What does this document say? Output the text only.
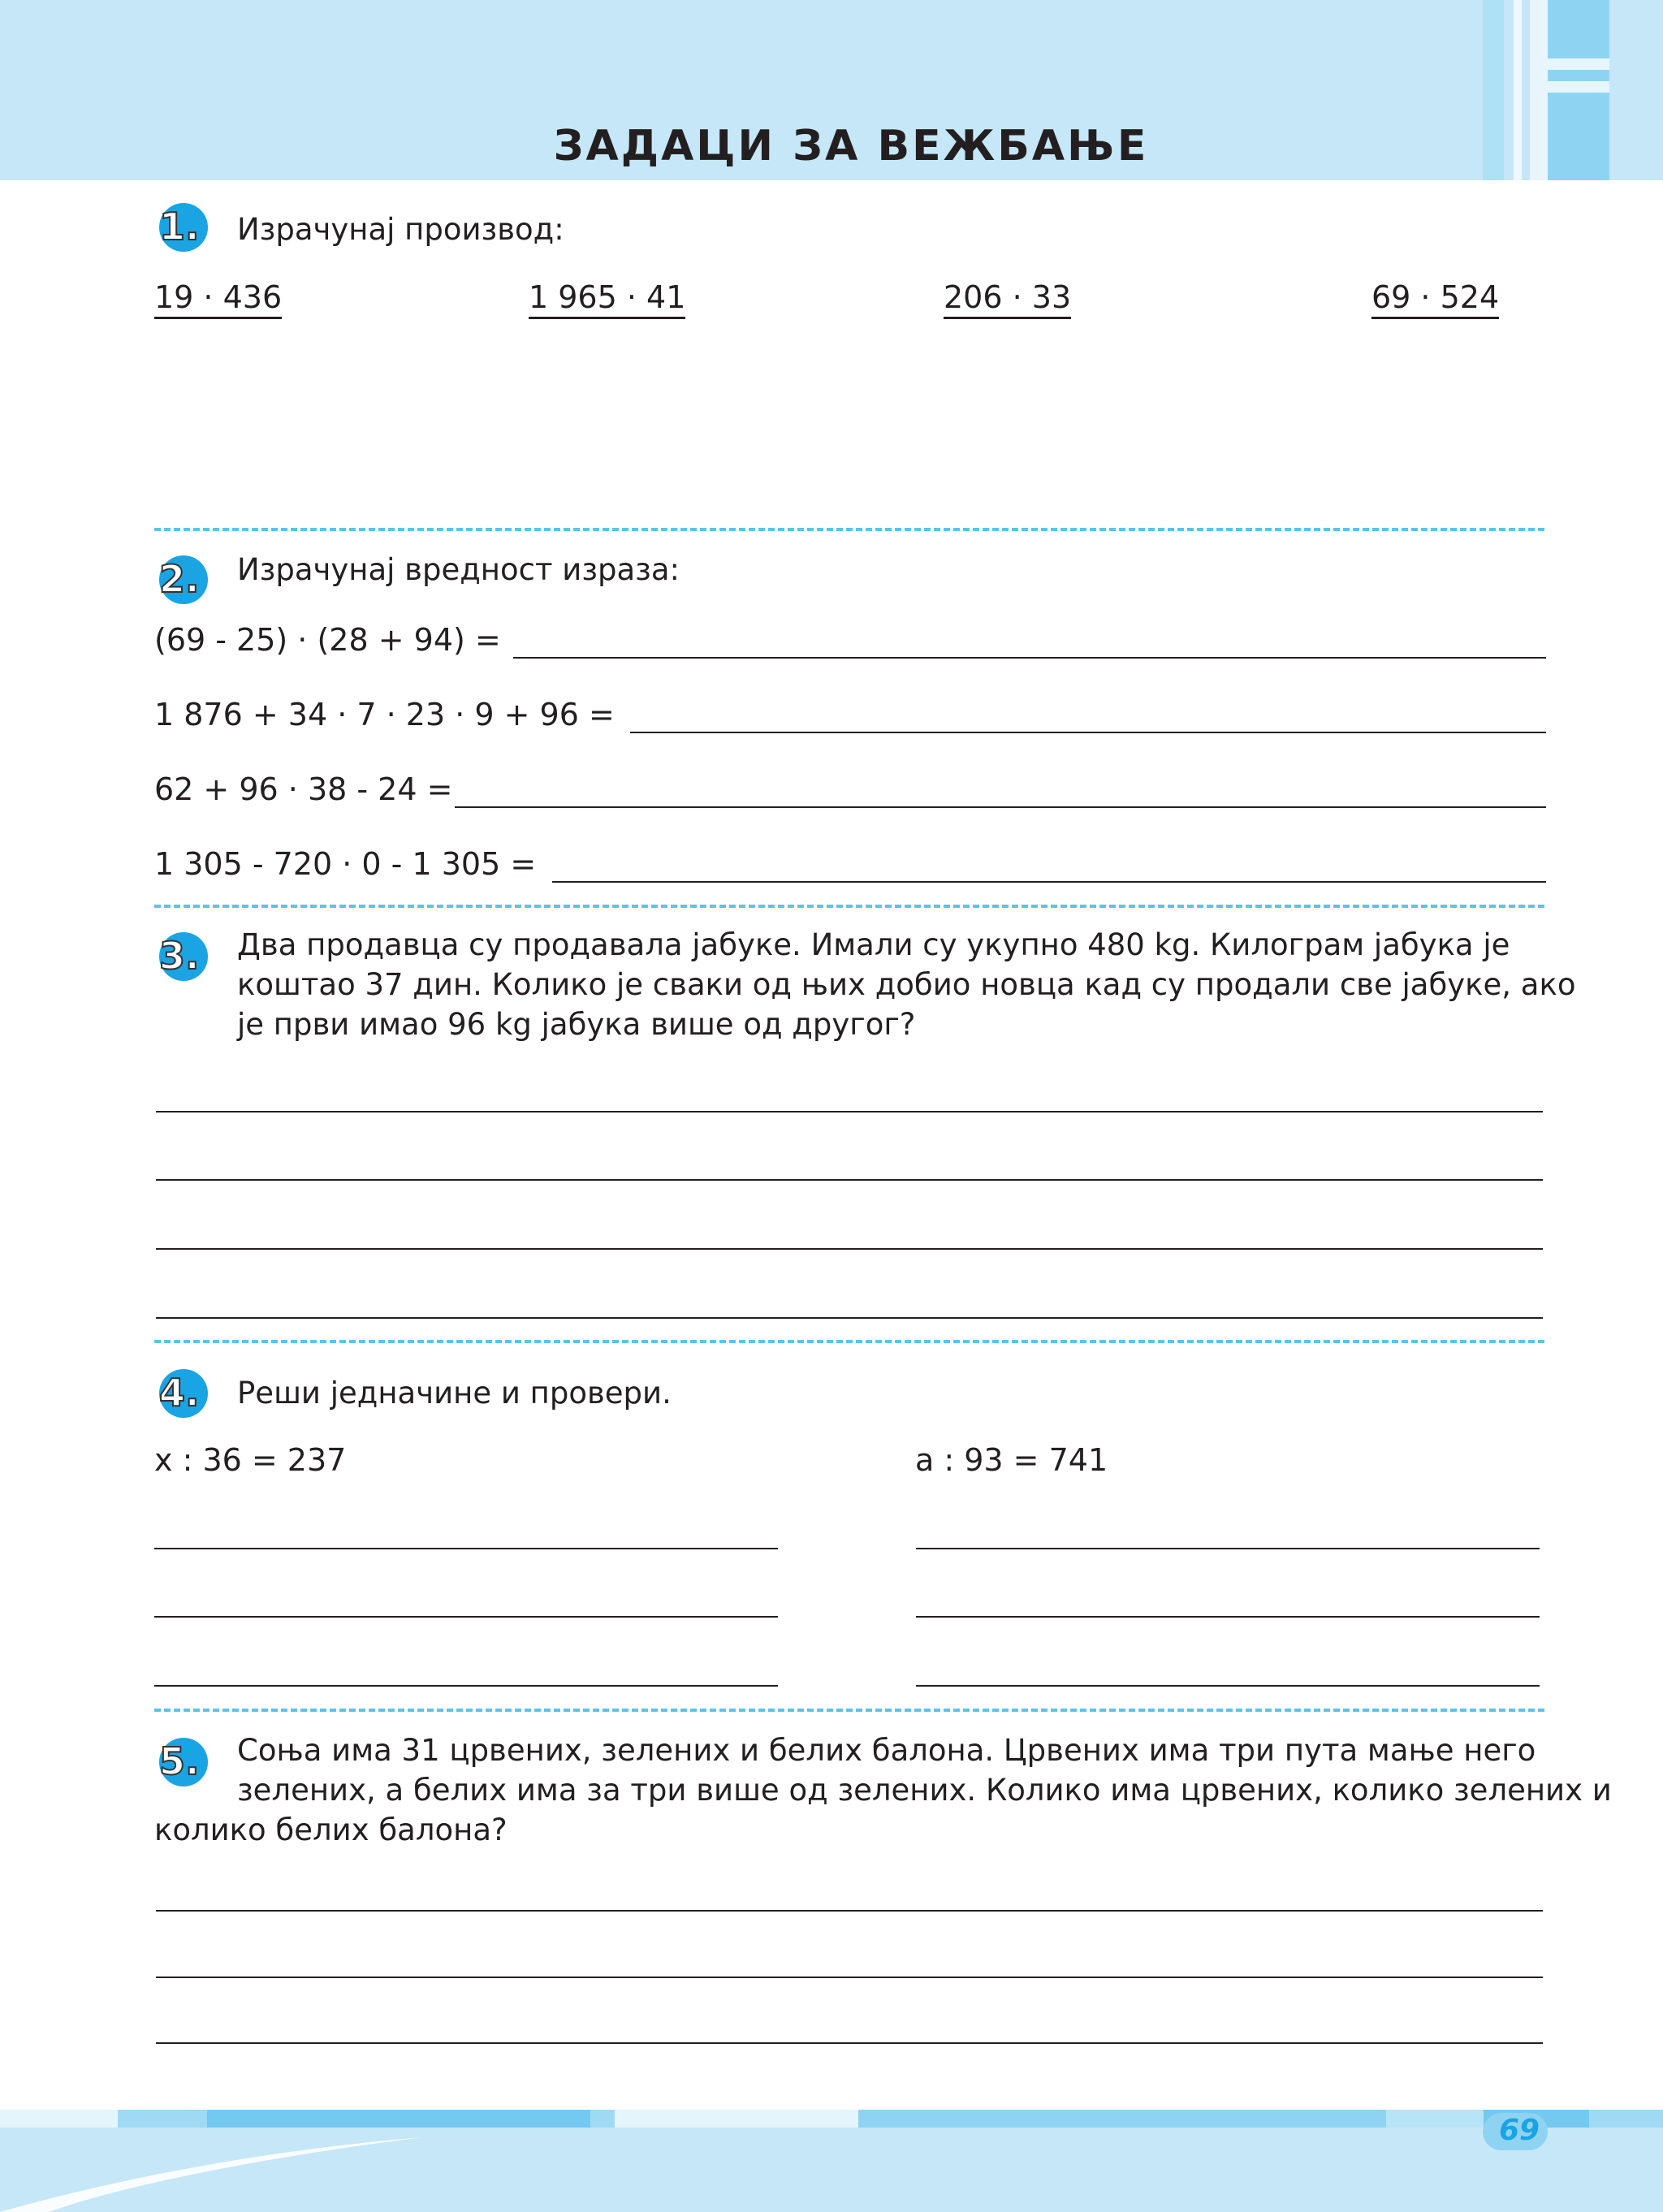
ЗАДАЦИ ЗА ВЕЖБАЊЕ
1. Израчунај производ:
19 · 436	1 965 · 41	206 · 33	69 · 524
2. Израчунај вредност израза:
(69 - 25) · (28 + 94) =
1 876 + 34 · 7 · 23 · 9 + 96 =
62 + 96 · 38 - 24 =
1 305 - 720 · 0 - 1 305 =
3. Два продавца су продавала јабуке. Имали су укупно 480 kg. Килограм јабука је
коштао 37 дин. Колико је сваки од њих добио новца кад су продали све јабуке, ако
је први имао 96 kg јабука више од другог?
4. Реши једначине и провери.
x : 36 = 237	a : 93 = 741
5. Соња има 31 црвених, зелених и белих балона. Црвених има три пута мање него
зелених, а белих има за три више од зелених. Колико има црвених, колико зелених и
колико белих балона?
69
